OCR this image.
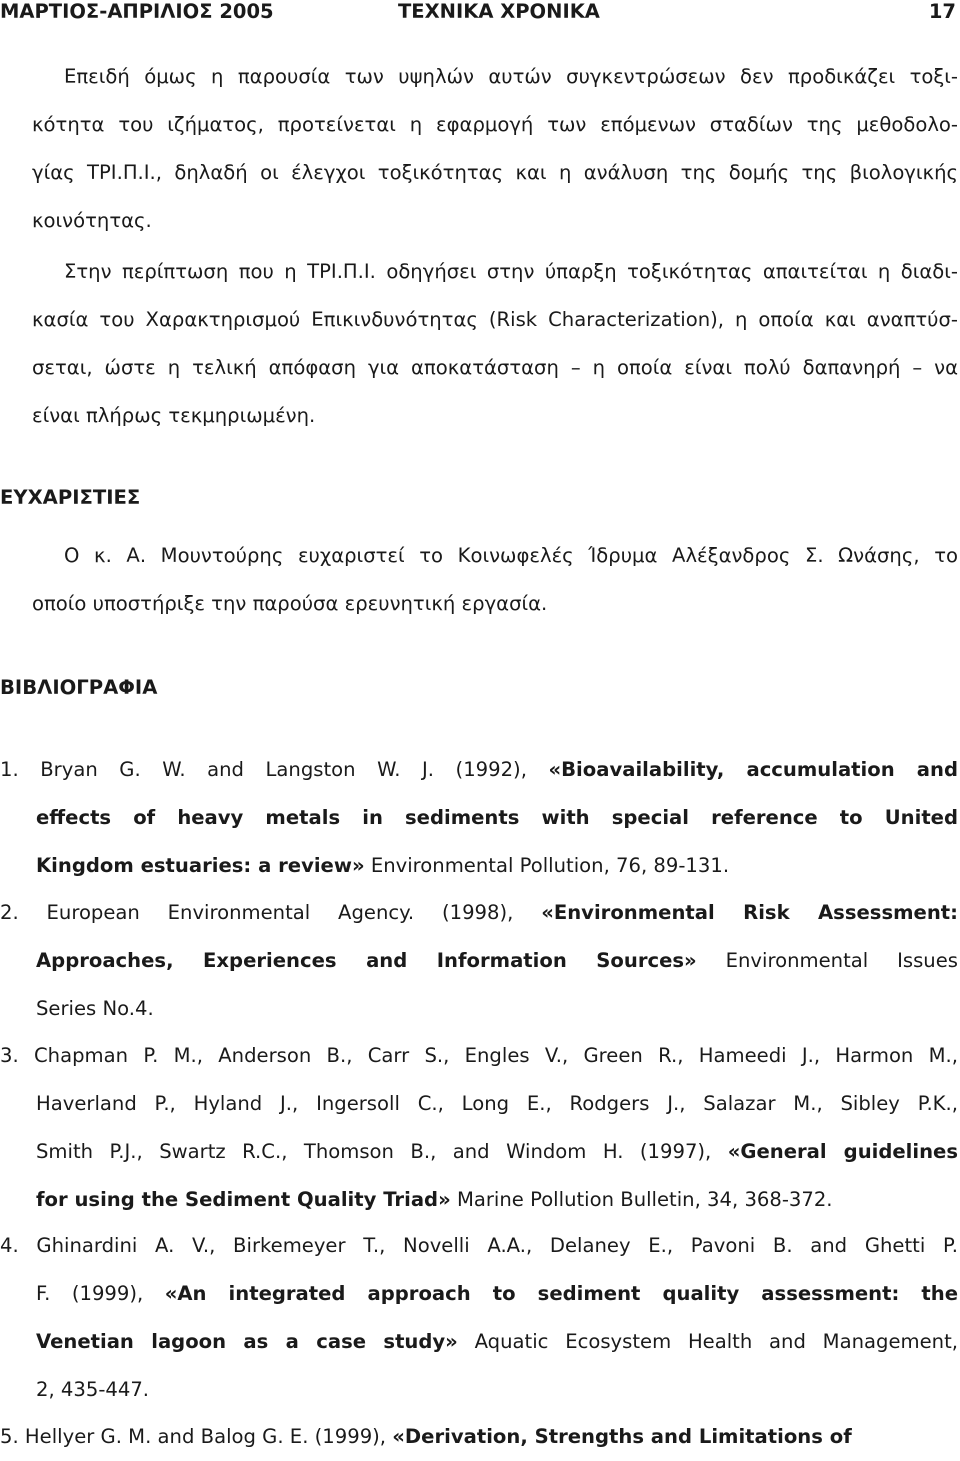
ΜΑΡΤΙΟΣ-ΑΠΡΙΛΙΟΣ 2005	ΤΕΧΝΙΚΑ ΧΡΟΝΙΚΑ	17
Επειδή όμως η παρουσία των υψηλών αυτών συγκεντρώσεων δεν προδικάζει τοξι-
κότητα του ιζήματος, προτείνεται η εφαρμογή των επόμενων σταδίων της μεθοδολο-
γίας ΤΡΙ.Π.Ι., δηλαδή οι έλεγχοι τοξικότητας και η ανάλυση της δομής της βιολογικής
κοινότητας.
Στην περίπτωση που η ΤΡΙ.Π.Ι. οδηγήσει στην ύπαρξη τοξικότητας απαιτείται η διαδι-
κασία του Χαρακτηρισμού Επικινδυνότητας (Risk Characterization), η οποία και αναπτύσ-
σεται, ώστε η τελική απόφαση για αποκατάσταση – η οποία είναι πολύ δαπανηρή – να
είναι πλήρως τεκμηριωμένη.
ΕΥΧΑΡΙΣΤΙΕΣ
Ο κ. Α. Μουντούρης ευχαριστεί το Κοινωφελές Ίδρυμα Αλέξανδρος Σ. Ωνάσης, το
οποίο υποστήριξε την παρούσα ερευνητική εργασία.
ΒΙΒΛΙΟΓΡΑΦΙΑ
1. Bryan G. W. and Langston W. J. (1992), «Bioavailability, accumulation and
effects of heavy metals in sediments with special reference to United
Kingdom estuaries: a review» Environmental Pollution, 76, 89-131.
2. European Environmental Agency. (1998), «Environmental Risk Assessment:
Approaches, Experiences and Information Sources» Environmental Issues
Series No.4.
3. Chapman P. M., Anderson B., Carr S., Engles V., Green R., Hameedi J., Harmon M.,
Haverland P., Hyland J., Ingersoll C., Long E., Rodgers J., Salazar M., Sibley P.K.,
Smith P.J., Swartz R.C., Thomson B., and Windom H. (1997), «General guidelines
for using the Sediment Quality Triad» Marine Pollution Bulletin, 34, 368-372.
4. Ghinardini A. V., Birkemeyer T., Novelli A.A., Delaney E., Pavoni B. and Ghetti P.
F. (1999), «An integrated approach to sediment quality assessment: the
Venetian lagoon as a case study» Aquatic Ecosystem Health and Management,
2, 435-447.
5. Hellyer G. M. and Balog G. E. (1999), «Derivation, Strengths and Limitations of
